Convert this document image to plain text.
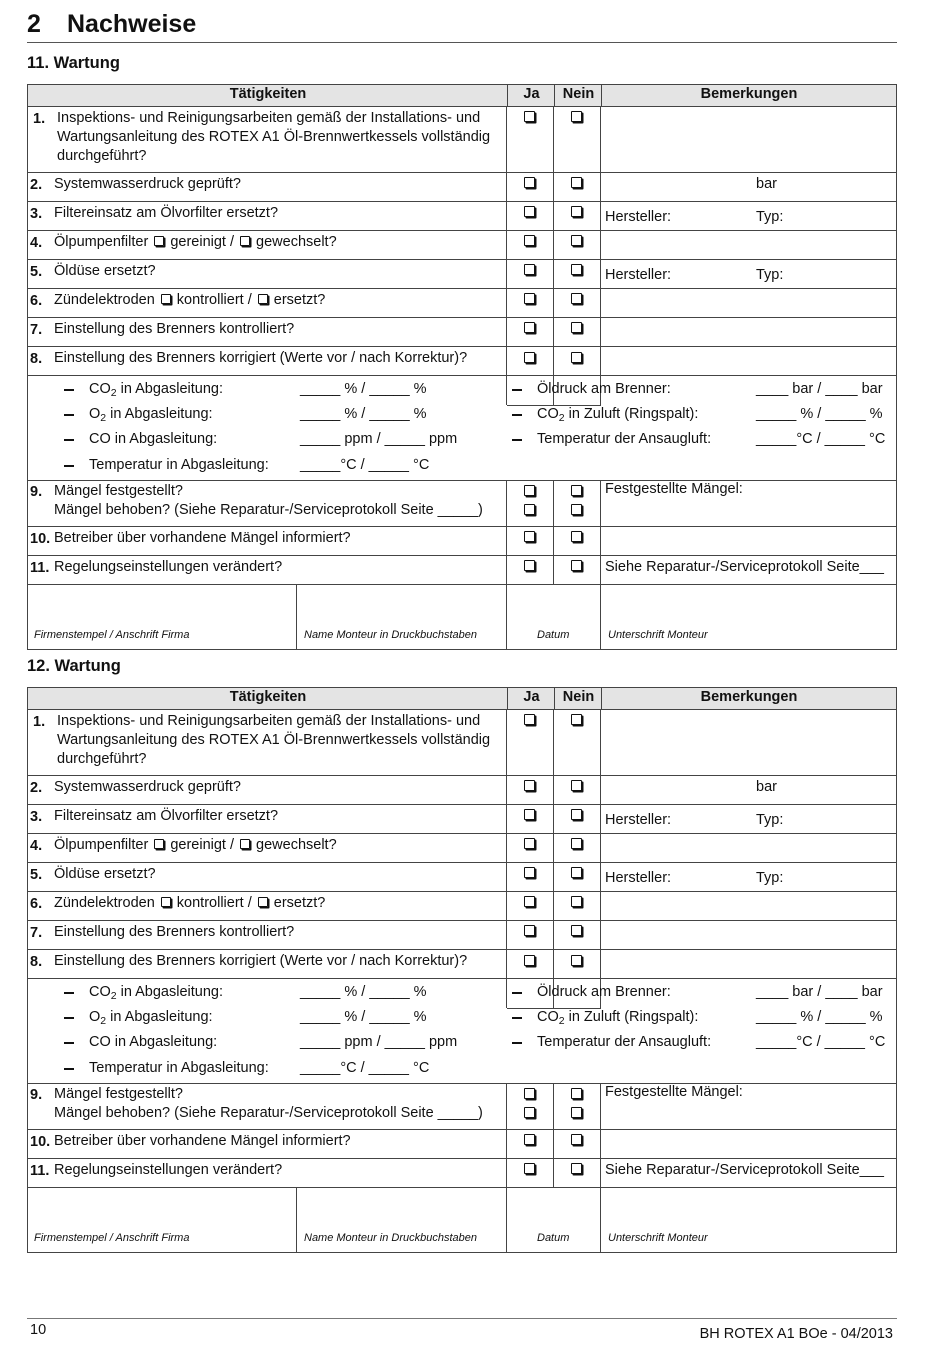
2 Nachweise
11. Wartung
Tätigkeiten	Ja	Nein	Bemerkungen
1. Inspektions- und Reinigungsarbeiten gemäß der Installations- und
Wartungsanleitung des ROTEX A1 Öl-Brennwertkessels vollständig
durchgeführt?
2. Systemwasserdruck geprüft?	bar
3. Filtereinsatz am Ölvorfilter ersetzt?	Hersteller:	Typ:
4. Ölpumpenfilter gereinigt / gewechselt?
5. Öldüse ersetzt?	Hersteller:	Typ:
6. Zündelektroden kontrolliert / ersetzt?
7. Einstellung des Brenners kontrolliert?
8. Einstellung des Brenners korrigiert (Werte vor / nach Korrektur)?
$CO_2$ in Abgasleitung:	_____ % / _____ %
$O_2$ in Abgasleitung:	_____ % / _____ %
CO in Abgasleitung:	_____ ppm / _____ ppm
Temperatur in Abgasleitung: _____°C / _____ °C
Öldruck am Brenner:	____ bar / ____ bar
$CO_2$ in Zuluft (Ringspalt):	_____ % / _____ %
Temperatur der Ansaugluft:	_____°C / _____ °C
9. Mängel festgestellt?
Mängel behoben? (Siehe Reparatur-/Serviceprotokoll Seite _____)
Festgestellte Mängel:
10. Betreiber über vorhandene Mängel informiert?
11. Regelungseinstellungen verändert?	Siehe Reparatur-/Serviceprotokoll Seite___
Firmenstempel / Anschrift Firma	Name Monteur in Druckbuchstaben	Datum	Unterschrift Monteur
12. Wartung
Tätigkeiten	Ja	Nein	Bemerkungen
1. Inspektions- und Reinigungsarbeiten gemäß der Installations- und
Wartungsanleitung des ROTEX A1 Öl-Brennwertkessels vollständig
durchgeführt?
2. Systemwasserdruck geprüft?	bar
3. Filtereinsatz am Ölvorfilter ersetzt?	Hersteller:	Typ:
4. Ölpumpenfilter gereinigt / gewechselt?
5. Öldüse ersetzt?	Hersteller:	Typ:
6. Zündelektroden kontrolliert / ersetzt?
7. Einstellung des Brenners kontrolliert?
8. Einstellung des Brenners korrigiert (Werte vor / nach Korrektur)?
$CO_2$ in Abgasleitung:	_____ % / _____ %
$O_2$ in Abgasleitung:	_____ % / _____ %
CO in Abgasleitung:	_____ ppm / _____ ppm
Temperatur in Abgasleitung: _____°C / _____ °C
Öldruck am Brenner:	____ bar / ____ bar
$CO_2$ in Zuluft (Ringspalt):	_____ % / _____ %
Temperatur der Ansaugluft:	_____°C / _____ °C
9. Mängel festgestellt?
Mängel behoben? (Siehe Reparatur-/Serviceprotokoll Seite _____)
Festgestellte Mängel:
10. Betreiber über vorhandene Mängel informiert?
11. Regelungseinstellungen verändert?	Siehe Reparatur-/Serviceprotokoll Seite___
Firmenstempel / Anschrift Firma	Name Monteur in Druckbuchstaben	Datum	Unterschrift Monteur
10	BH ROTEX A1 BOe - 04/2013
